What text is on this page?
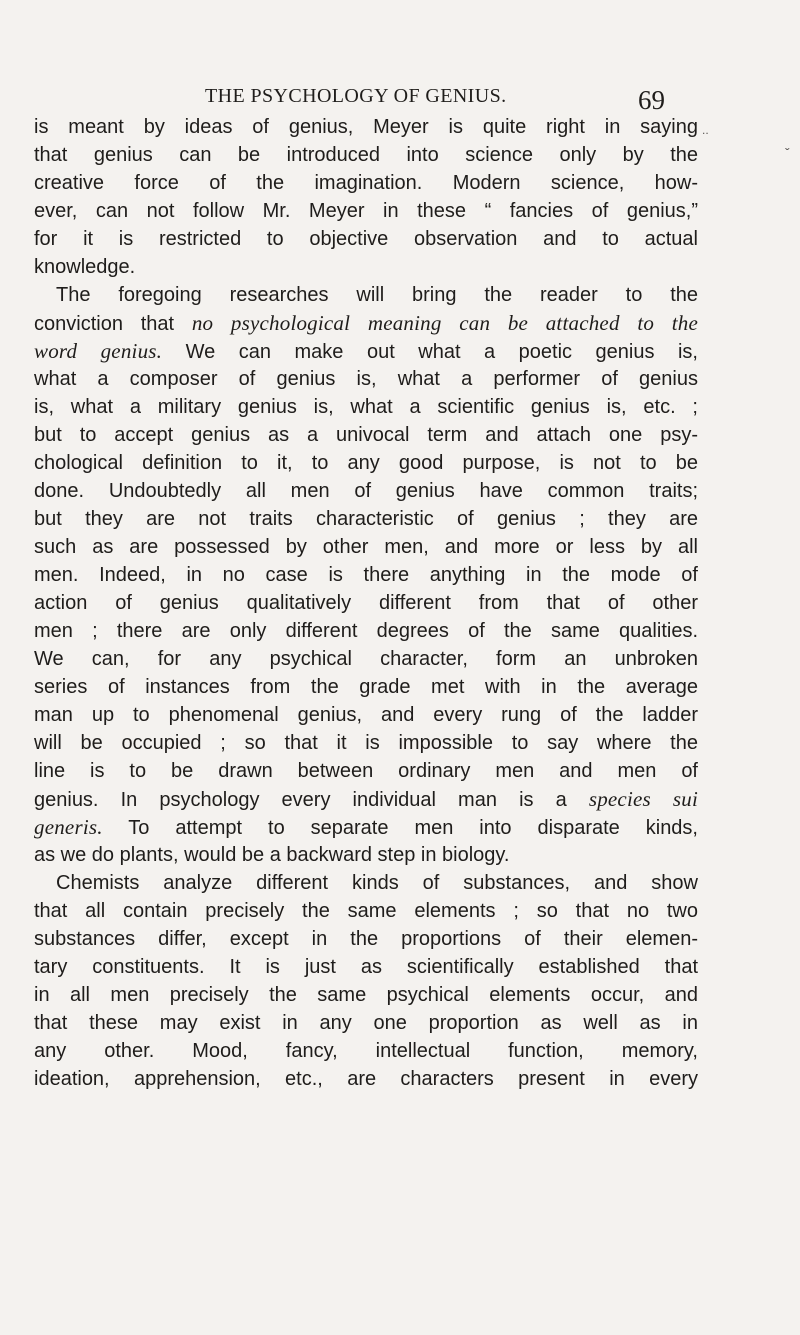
THE PSYCHOLOGY OF GENIUS.	69
..
ˇ
is meant by ideas of genius, Meyer is quite right in saying
that genius can be introduced into science only by the
creative force of the imagination. Modern science, how-
ever, can not follow Mr. Meyer in these “ fancies of genius,”
for it is restricted to objective observation and to actual
knowledge.
The foregoing researches will bring the reader to the
conviction that no psychological meaning can be attached to the
word genius. We can make out what a poetic genius is,
what a composer of genius is, what a performer of genius
is, what a military genius is, what a scientific genius is, etc. ;
but to accept genius as a univocal term and attach one psy-
chological definition to it, to any good purpose, is not to be
done. Undoubtedly all men of genius have common traits;
but they are not traits characteristic of genius ; they are
such as are possessed by other men, and more or less by all
men. Indeed, in no case is there anything in the mode of
action of genius qualitatively different from that of other
men ; there are only different degrees of the same qualities.
We can, for any psychical character, form an unbroken
series of instances from the grade met with in the average
man up to phenomenal genius, and every rung of the ladder
will be occupied ; so that it is impossible to say where the
line is to be drawn between ordinary men and men of
genius. In psychology every individual man is a species sui
generis. To attempt to separate men into disparate kinds,
as we do plants, would be a backward step in biology.
Chemists analyze different kinds of substances, and show
that all contain precisely the same elements ; so that no two
substances differ, except in the proportions of their elemen-
tary constituents. It is just as scientifically established that
in all men precisely the same psychical elements occur, and
that these may exist in any one proportion as well as in
any other. Mood, fancy, intellectual function, memory,
ideation, apprehension, etc., are characters present in every
